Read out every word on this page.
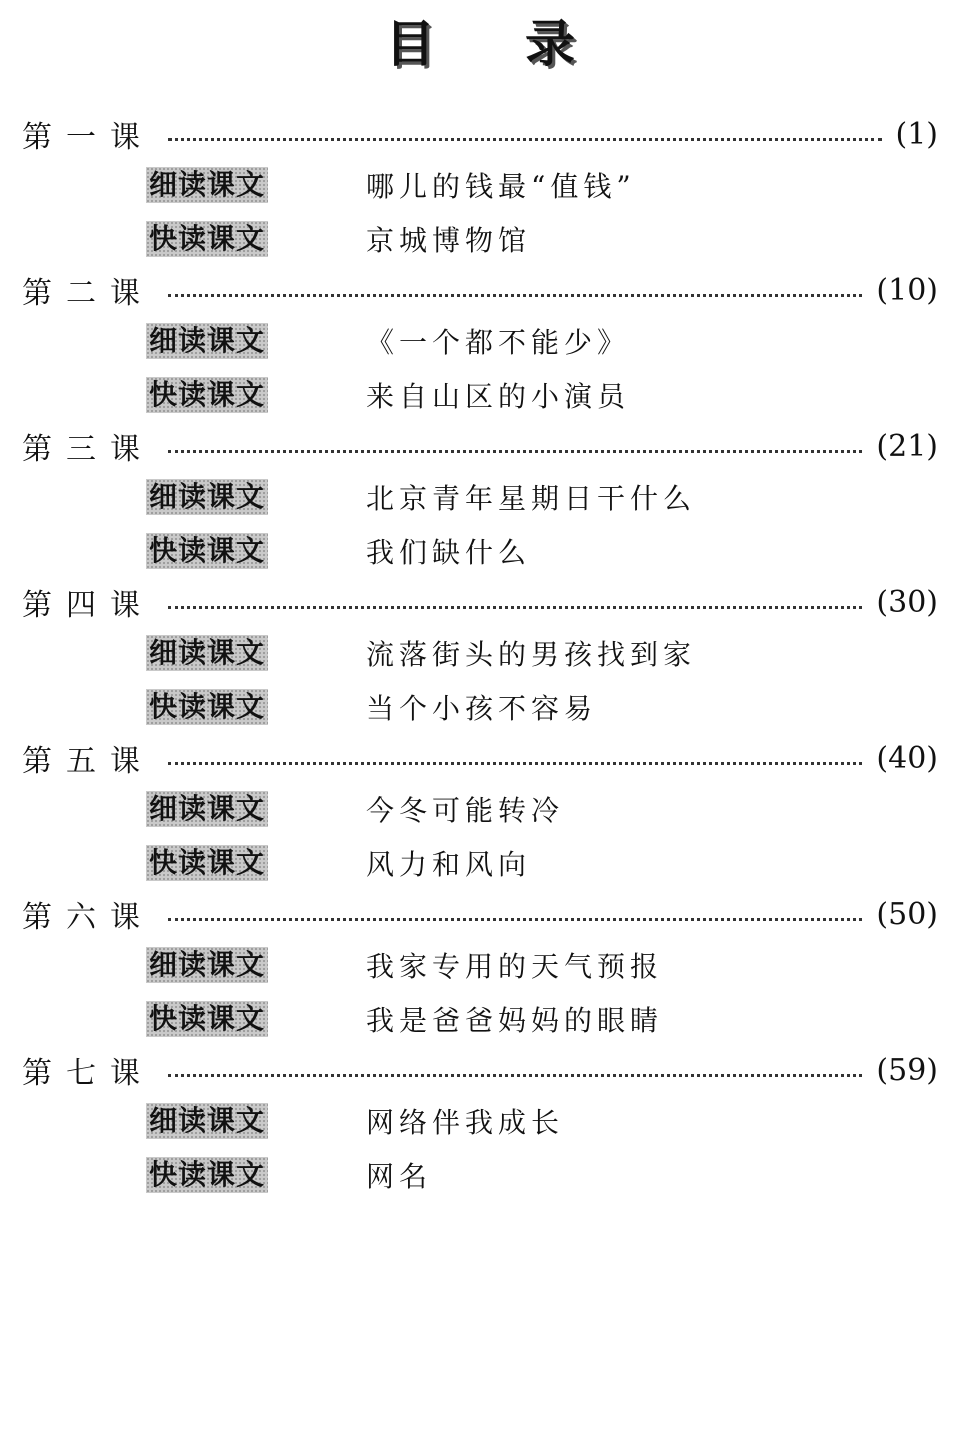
目 录
第一课	(1)
细读课文	哪儿的钱最“值钱”
快读课文	京城博物馆
第二课	(10)
细读课文	《一个都不能少》
快读课文	来自山区的小演员
第三课	(21)
细读课文	北京青年星期日干什么
快读课文	我们缺什么
第四课	(30)
细读课文	流落街头的男孩找到家
快读课文	当个小孩不容易
第五课	(40)
细读课文	今冬可能转冷
快读课文	风力和风向
第六课	(50)
细读课文	我家专用的天气预报
快读课文	我是爸爸妈妈的眼睛
第七课	(59)
细读课文	网络伴我成长
快读课文	网名
